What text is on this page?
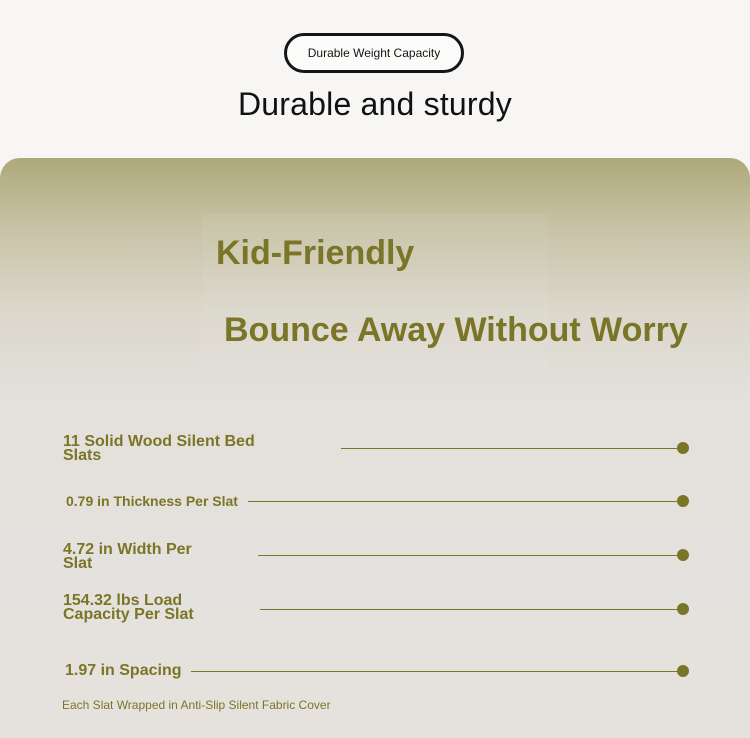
Durable Weight Capacity
Durable and sturdy
Kid-Friendly
Bounce Away Without Worry
11 Solid Wood Silent Bed Slats
0.79 in Thickness Per Slat
4.72 in Width Per Slat
154.32 lbs Load Capacity Per Slat
1.97 in Spacing
Each Slat Wrapped in Anti-Slip Silent Fabric Cover
